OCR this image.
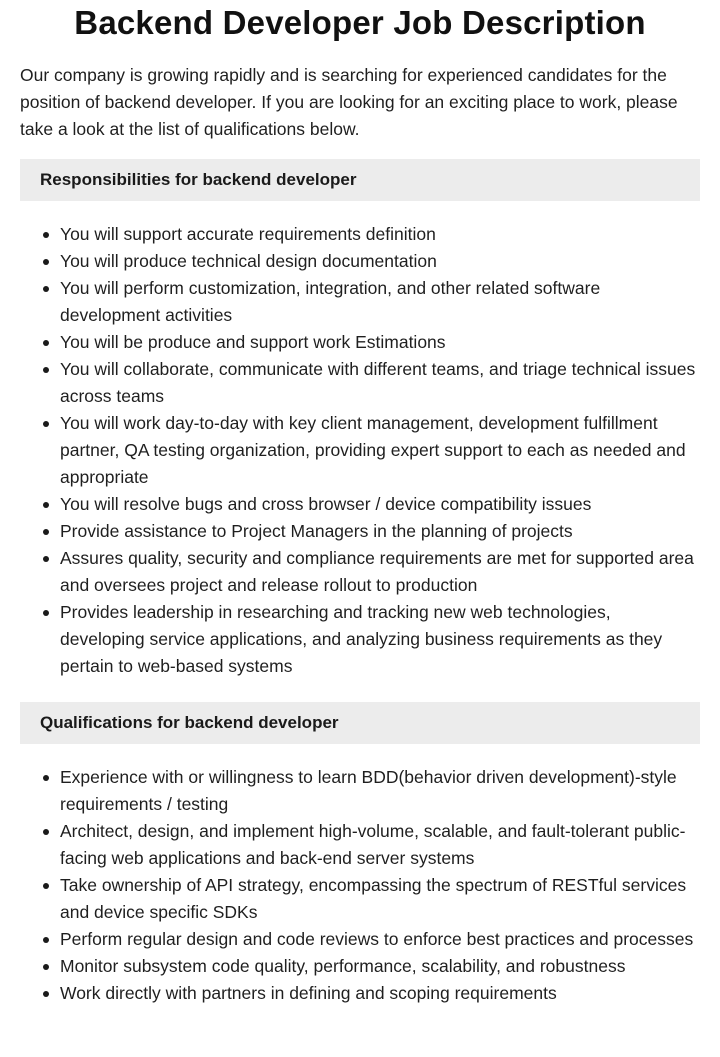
Backend Developer Job Description

Our company is growing rapidly and is searching for experienced candidates for the position of backend developer. If you are looking for an exciting place to work, please take a look at the list of qualifications below.

Responsibilities for backend developer
You will support accurate requirements definition
You will produce technical design documentation
You will perform customization, integration, and other related software development activities
You will be produce and support work Estimations
You will collaborate, communicate with different teams, and triage technical issues across teams
You will work day-to-day with key client management, development fulfillment partner, QA testing organization, providing expert support to each as needed and appropriate
You will resolve bugs and cross browser / device compatibility issues
Provide assistance to Project Managers in the planning of projects
Assures quality, security and compliance requirements are met for supported area and oversees project and release rollout to production
Provides leadership in researching and tracking new web technologies, developing service applications, and analyzing business requirements as they pertain to web-based systems
Qualifications for backend developer
Experience with or willingness to learn BDD(behavior driven development)-style requirements / testing
Architect, design, and implement high-volume, scalable, and fault-tolerant public-facing web applications and back-end server systems
Take ownership of API strategy, encompassing the spectrum of RESTful services and device specific SDKs
Perform regular design and code reviews to enforce best practices and processes
Monitor subsystem code quality, performance, scalability, and robustness
Work directly with partners in defining and scoping requirements
